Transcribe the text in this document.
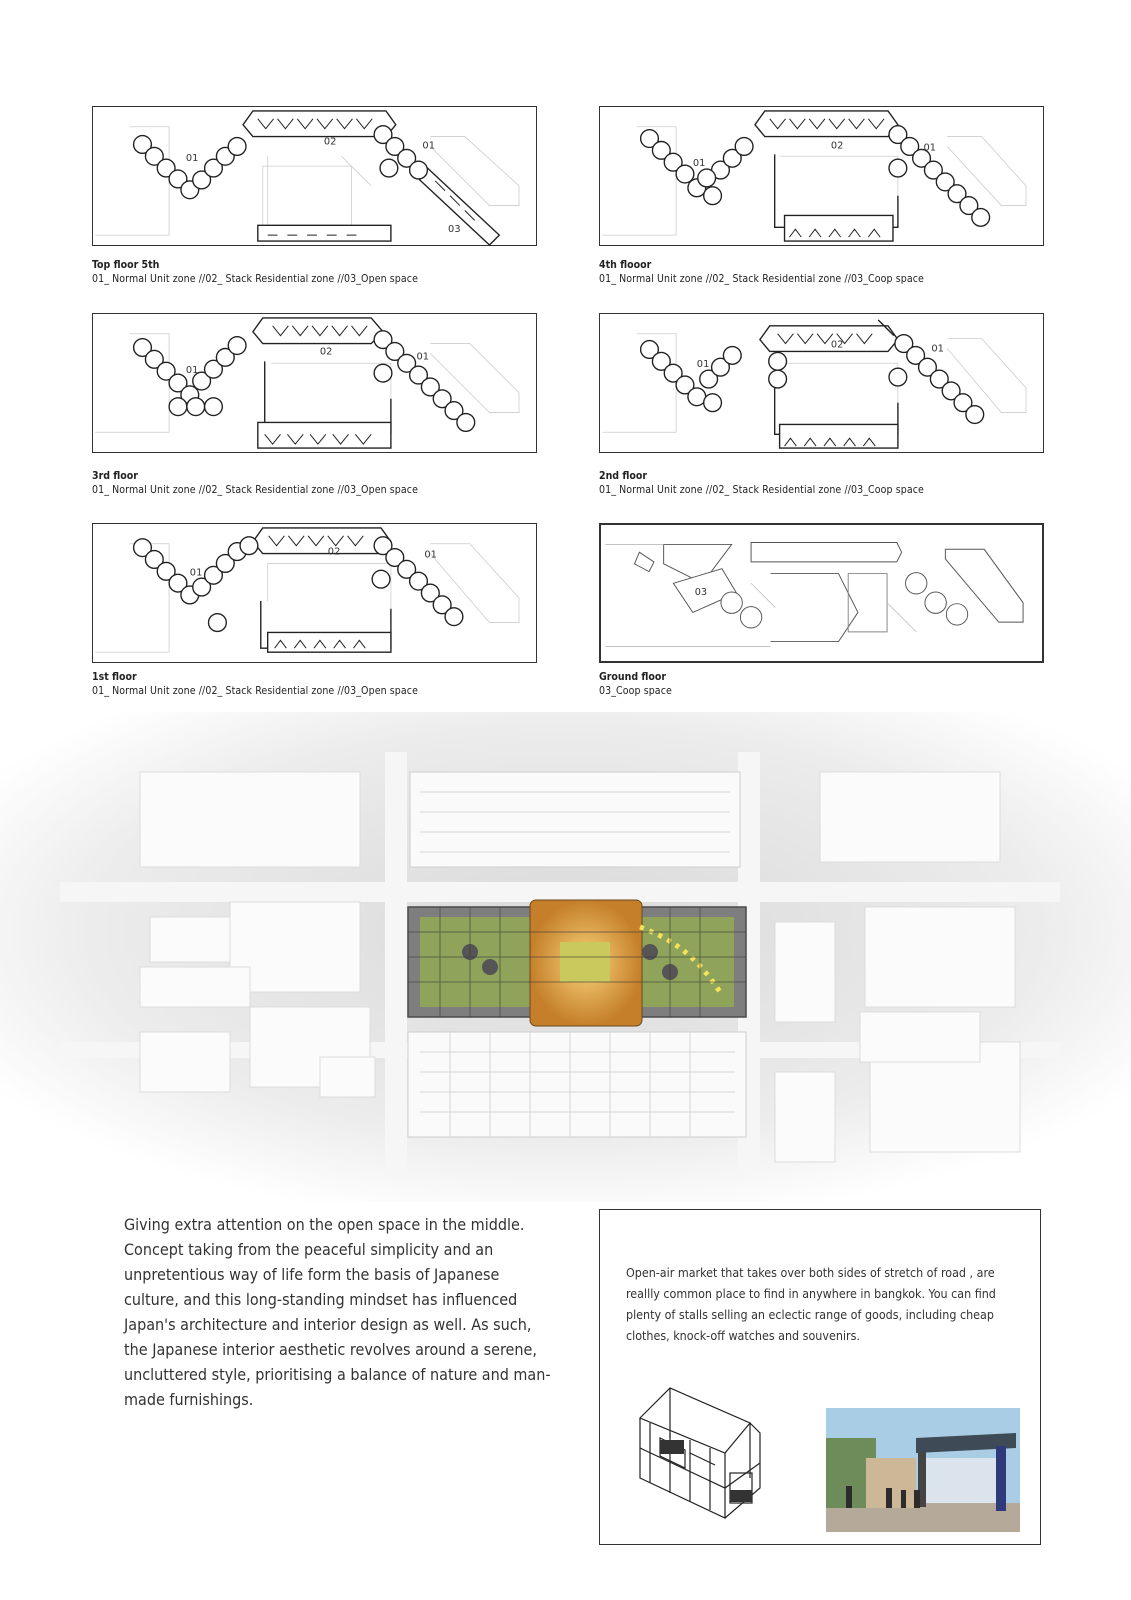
01
02	01
03
Top floor 5th
01_ Normal Unit zone //02_ Stack Residential zone //03_Open space
01
02	01
4th flooor
01_ Normal Unit zone //02_ Stack Residential zone //03_Coop space
01
02	01
3rd floor
01_ Normal Unit zone //02_ Stack Residential zone //03_Open space
01
02	01
2nd floor
01_ Normal Unit zone //02_ Stack Residential zone //03_Coop space
01
02	01
1st floor
01_ Normal Unit zone //02_ Stack Residential zone //03_Open space
03
Ground floor
03_Coop space
Giving extra attention on the open space in the middle. Concept taking from the peaceful simplicity and an unpretentious way of life form the basis of Japanese culture, and this long-standing mindset has influenced Japan's architecture and interior design as well. As such, the Japanese interior aesthetic revolves around a serene, uncluttered style, prioritising a balance of nature and man-made furnishings.
Open-air market that takes over both sides of stretch of road , are reallly common place to find in anywhere in bangkok. You can find plenty of stalls selling an eclectic range of goods, including cheap clothes, knock-off watches and souvenirs.
